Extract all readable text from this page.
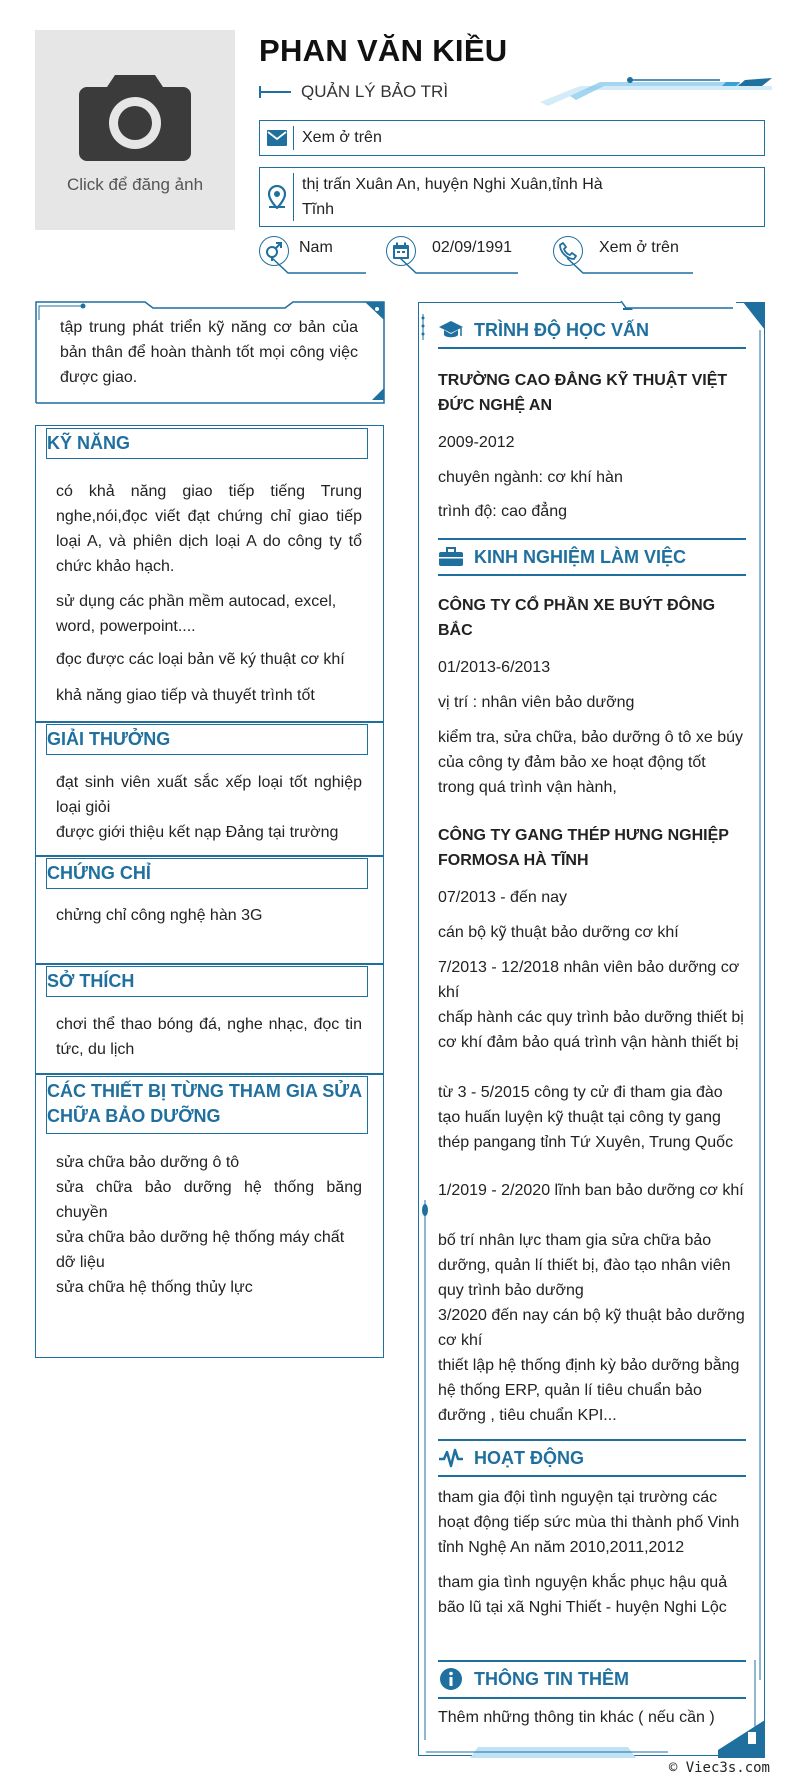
Click để đăng ảnh
PHAN VĂN KIỀU
QUẢN LÝ BẢO TRÌ
Xem ở trên
thị trấn Xuân An, huyện Nghi Xuân,tỉnh Hà
Tĩnh
Nam	02/09/1991	Xem ở trên
tập trung phát triển kỹ năng cơ bản của bản thân để hoàn thành tốt mọi công việc được giao.
KỸ NĂNG
có khả năng giao tiếp tiếng Trung nghe,nói,đọc viết đạt chứng chỉ giao tiếp loại A, và phiên dịch loại A do công ty tổ chức khảo hạch.
sử dụng các phần mềm autocad, excel, word, powerpoint....
đọc được các loại bản vẽ ký thuật cơ khí
khả năng giao tiếp và thuyết trình tốt
GIẢI THƯỞNG
đạt sinh viên xuất sắc xếp loại tốt nghiệp loại giỏi
được giới thiệu kết nạp Đảng tại trường
CHỨNG CHỈ
chửng chỉ công nghệ hàn 3G
SỞ THÍCH
chơi thể thao bóng đá, nghe nhạc, đọc tin tức, du lịch
CÁC THIẾT BỊ TỪNG THAM GIA SỬA
CHỮA BẢO DƯỠNG
sửa chữa bảo dưỡng ô tô
sửa chữa bảo dưỡng hệ thống băng chuyền
sửa chữa bảo dưỡng hệ thống máy chất dỡ liệu
sửa chữa hệ thống thủy lực
TRÌNH ĐỘ HỌC VẤN
TRƯỜNG CAO ĐẲNG KỸ THUẬT VIỆT ĐỨC NGHỆ AN
2009-2012
chuyên ngành: cơ khí hàn
trình độ: cao đẳng
KINH NGHIỆM LÀM VIỆC
CÔNG TY CỔ PHẦN XE BUÝT ĐÔNG BẮC
01/2013-6/2013
vị trí : nhân viên bảo dưỡng
kiểm tra, sửa chữa, bảo dưỡng ô tô xe búy của công ty đảm bảo xe hoạt động tốt trong quá trình vận hành,
CÔNG TY GANG THÉP HƯNG NGHIỆP FORMOSA HÀ TĨNH
07/2013 - đến nay
cán bộ kỹ thuật bảo dưỡng cơ khí
7/2013 - 12/2018 nhân viên bảo dưỡng cơ khí
chấp hành các quy trình bảo dưỡng thiết bị cơ khí đảm bảo quá trình vận hành thiết bị
từ 3 - 5/2015 công ty cử đi tham gia đào tạo huấn luyện kỹ thuật tại công ty gang thép pangang tỉnh Tứ Xuyên, Trung Quốc
1/2019 - 2/2020 lĩnh ban bảo dưỡng cơ khí
bố trí nhân lực tham gia sửa chữa bảo dưỡng, quản lí thiết bị, đào tạo nhân viên quy trình bảo dưỡng
3/2020 đến nay cán bộ kỹ thuật bảo dưỡng cơ khí
thiết lập hệ thống định kỳ bảo dưỡng bằng hệ thống ERP, quản lí tiêu chuẩn bảo đưỡng , tiêu chuẩn KPI...
HOẠT ĐỘNG
tham gia đội tình nguyện tại trường các hoạt động tiếp sức mùa thi thành phố Vinh tỉnh Nghệ An năm 2010,2011,2012
tham gia tình nguyện khắc phục hậu quả bão lũ tại xã Nghi Thiết - huyện Nghi Lộc
THÔNG TIN THÊM
Thêm những thông tin khác ( nếu cần )
© Viec3s.com
